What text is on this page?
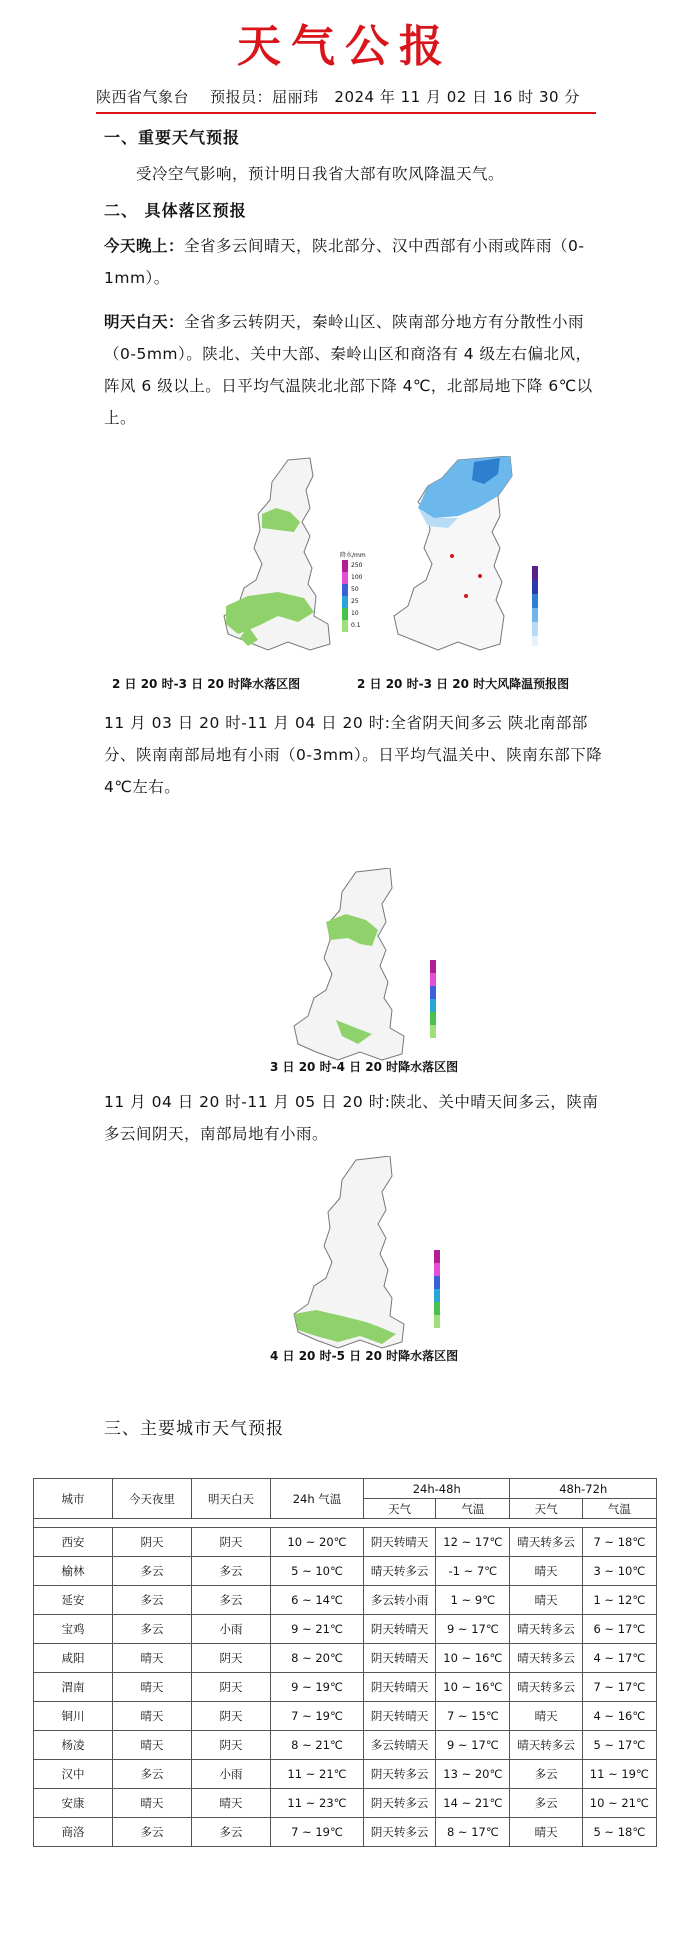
天气公报
陕西省气象台 预报员：屈丽玮 2024 年 11 月 02 日 16 时 30 分
一、重要天气预报
受冷空气影响，预计明日我省大部有吹风降温天气。
二、 具体落区预报
今天晚上：全省多云间晴天，陕北部分、汉中西部有小雨或阵雨（0-1mm）。
明天白天：全省多云转阴天，秦岭山区、陕南部分地方有分散性小雨（0-5mm）。陕北、关中大部、秦岭山区和商洛有 4 级左右偏北风，阵风 6 级以上。日平均气温陕北北部下降 4℃，北部局地下降 6℃以上。
降水/mm
250
100
50
25
10
0.1
2 日 20 时-3 日 20 时降水落区图	2 日 20 时-3 日 20 时大风降温预报图
11 月 03 日 20 时-11 月 04 日 20 时:全省阴天间多云 陕北南部部分、陕南南部局地有小雨（0-3mm）。日平均气温关中、陕南东部下降 4℃左右。
3 日 20 时-4 日 20 时降水落区图
11 月 04 日 20 时-11 月 05 日 20 时:陕北、关中晴天间多云，陕南多云间阴天，南部局地有小雨。
4 日 20 时-5 日 20 时降水落区图
三、主要城市天气预报
城市	今天夜里	明天白天	24h 气温	24h-48h		48h-72h	
				天气	气温	天气	气温

西安	阴天	阴天	10 ~ 20℃	阴天转晴天	12 ~ 17℃	晴天转多云	7 ~ 18℃
榆林	多云	多云	5 ~ 10℃	晴天转多云	-1 ~ 7℃	晴天	3 ~ 10℃
延安	多云	多云	6 ~ 14℃	多云转小雨	1 ~ 9℃	晴天	1 ~ 12℃
宝鸡	多云	小雨	9 ~ 21℃	阴天转晴天	9 ~ 17℃	晴天转多云	6 ~ 17℃
咸阳	晴天	阴天	8 ~ 20℃	阴天转晴天	10 ~ 16℃	晴天转多云	4 ~ 17℃
渭南	晴天	阴天	9 ~ 19℃	阴天转晴天	10 ~ 16℃	晴天转多云	7 ~ 17℃
铜川	晴天	阴天	7 ~ 19℃	阴天转晴天	7 ~ 15℃	晴天	4 ~ 16℃
杨凌	晴天	阴天	8 ~ 21℃	多云转晴天	9 ~ 17℃	晴天转多云	5 ~ 17℃
汉中	多云	小雨	11 ~ 21℃	阴天转多云	13 ~ 20℃	多云	11 ~ 19℃
安康	晴天	晴天	11 ~ 23℃	阴天转多云	14 ~ 21℃	多云	10 ~ 21℃
商洛	多云	多云	7 ~ 19℃	阴天转多云	8 ~ 17℃	晴天	5 ~ 18℃
